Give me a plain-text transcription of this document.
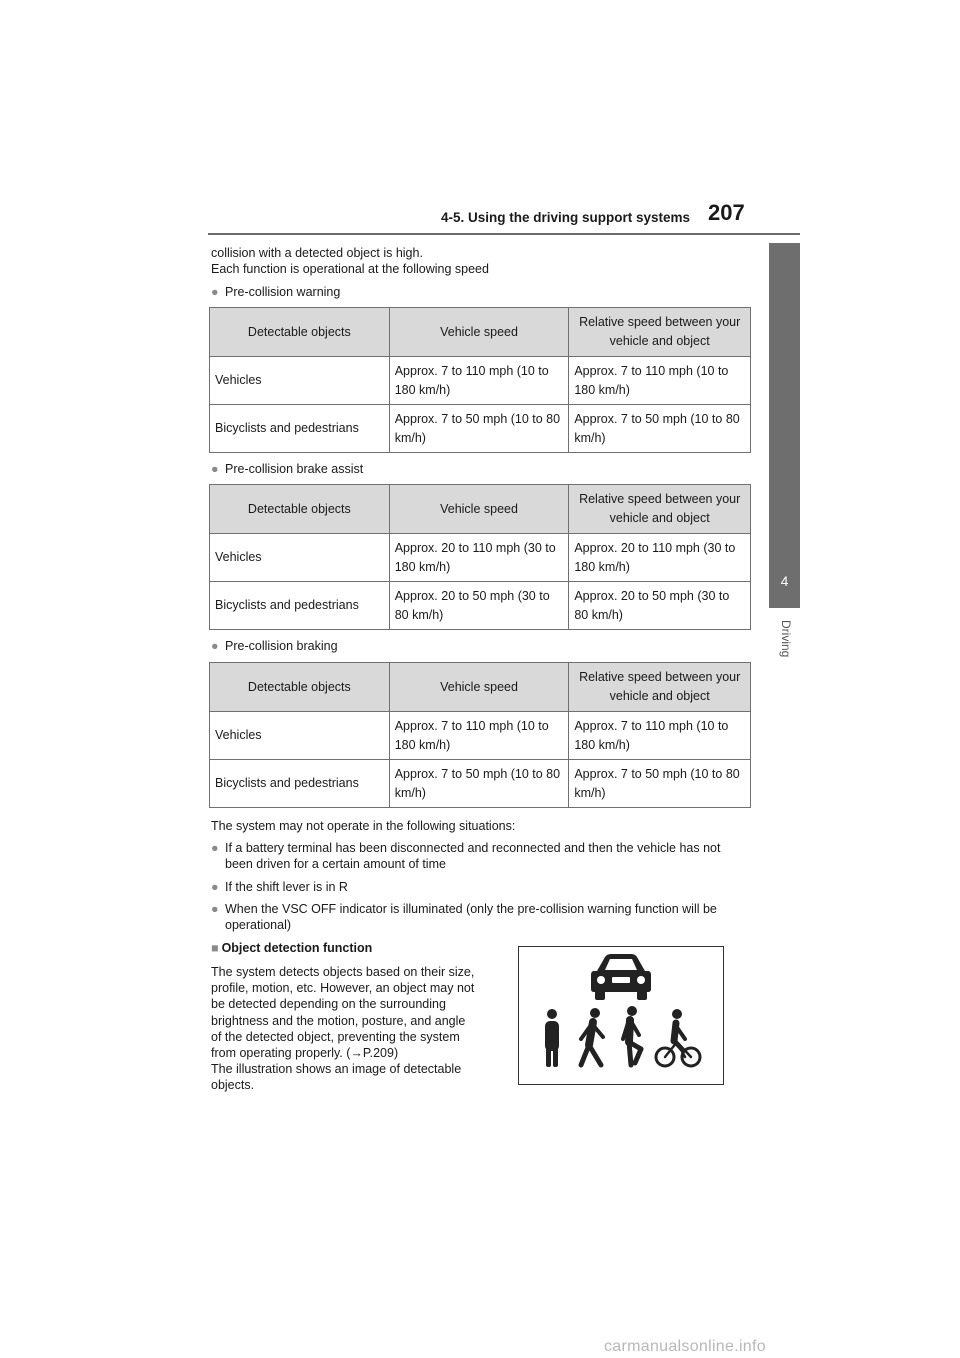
4-5. Using the driving support systems 207
4
Driving
collision with a detected object is high.
Each function is operational at the following speed
● Pre-collision warning
Detectable objects	Vehicle speed	Relative speed between your vehicle and object
Vehicles	Approx. 7 to 110 mph (10 to 180 km/h)	Approx. 7 to 110 mph (10 to 180 km/h)
Bicyclists and pedestrians	Approx. 7 to 50 mph (10 to 80 km/h)	Approx. 7 to 50 mph (10 to 80 km/h)
● Pre-collision brake assist
Detectable objects	Vehicle speed	Relative speed between your vehicle and object
Vehicles	Approx. 20 to 110 mph (30 to 180 km/h)	Approx. 20 to 110 mph (30 to 180 km/h)
Bicyclists and pedestrians	Approx. 20 to 50 mph (30 to 80 km/h)	Approx. 20 to 50 mph (30 to 80 km/h)
● Pre-collision braking
Detectable objects	Vehicle speed	Relative speed between your vehicle and object
Vehicles	Approx. 7 to 110 mph (10 to 180 km/h)	Approx. 7 to 110 mph (10 to 180 km/h)
Bicyclists and pedestrians	Approx. 7 to 50 mph (10 to 80 km/h)	Approx. 7 to 50 mph (10 to 80 km/h)
The system may not operate in the following situations:
● If a battery terminal has been disconnected and reconnected and then the vehicle has not been driven for a certain amount of time
● If the shift lever is in R
● When the VSC OFF indicator is illuminated (only the pre-collision warning function will be operational)
■ Object detection function
The system detects objects based on their size, profile, motion, etc. However, an object may not be detected depending on the surrounding brightness and the motion, posture, and angle of the detected object, preventing the system from operating properly. (→P.209)
The illustration shows an image of detectable objects.
carmanualsonline.info
